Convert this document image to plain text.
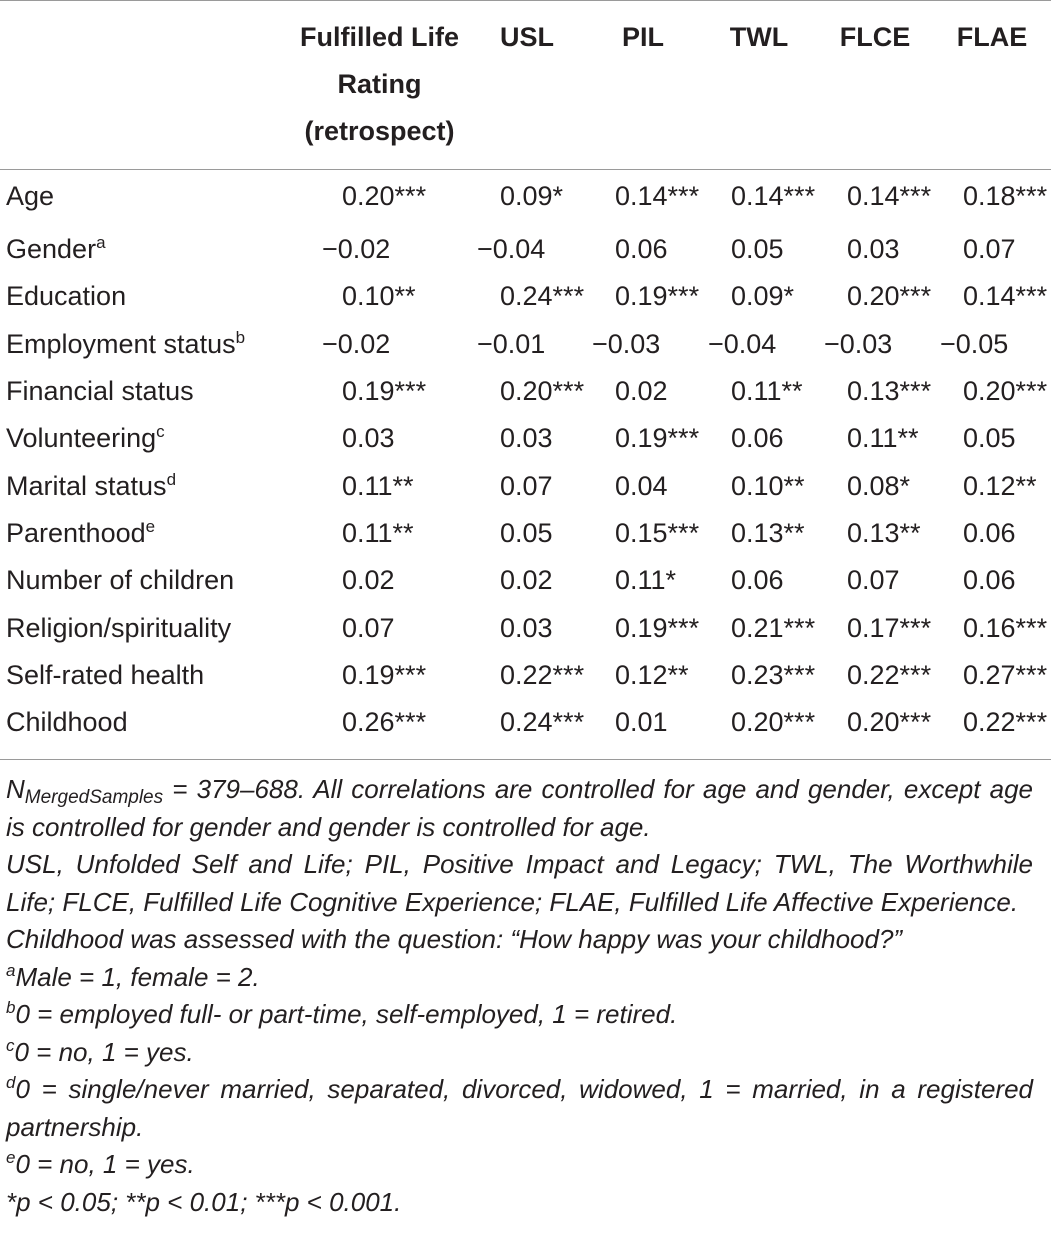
	Fulfilled Life Rating (retrospect)	USL	PIL	TWL	FLCE	FLAE
Age	0.20***	0.09*	0.14***	0.14***	0.14***	0.18***
Gender$^a$	−0.02	−0.04	0.06	0.05	0.03	0.07
Education	0.10**	0.24***	0.19***	0.09*	0.20***	0.14***
Employment status$^b$	−0.02	−0.01	−0.03	−0.04	−0.03	−0.05
Financial status	0.19***	0.20***	0.02	0.11**	0.13***	0.20***
Volunteering$^c$	0.03	0.03	0.19***	0.06	0.11**	0.05
Marital status$^d$	0.11**	0.07	0.04	0.10**	0.08*	0.12**
Parenthood$^e$	0.11**	0.05	0.15***	0.13**	0.13**	0.06
Number of children	0.02	0.02	0.11*	0.06	0.07	0.06
Religion/spirituality	0.07	0.03	0.19***	0.21***	0.17***	0.16***
Self-rated health	0.19***	0.22***	0.12**	0.23***	0.22***	0.27***
Childhood	0.26***	0.24***	0.01	0.20***	0.20***	0.22***

$N_{MergedSamples} = 379-688$. All correlations are controlled for age and gender, except age is controlled for gender and gender is controlled for age.

USL, Unfolded Self and Life; PIL, Positive Impact and Legacy; TWL, The Worthwhile Life; FLCE, Fulfilled Life Cognitive Experience; FLAE, Fulfilled Life Affective Experience.

Childhood was assessed with the question: “How happy was your childhood?”

$^a$Male = 1, female = 2.

$^b$0 = employed full- or part-time, self-employed, 1 = retired.

$^c$0 = no, 1 = yes.

$^d$0 = single/never married, separated, divorced, widowed, 1 = married, in a registered partnership.

$^e$0 = no, 1 = yes.

*p < 0.05; **p < 0.01; ***p < 0.001.
